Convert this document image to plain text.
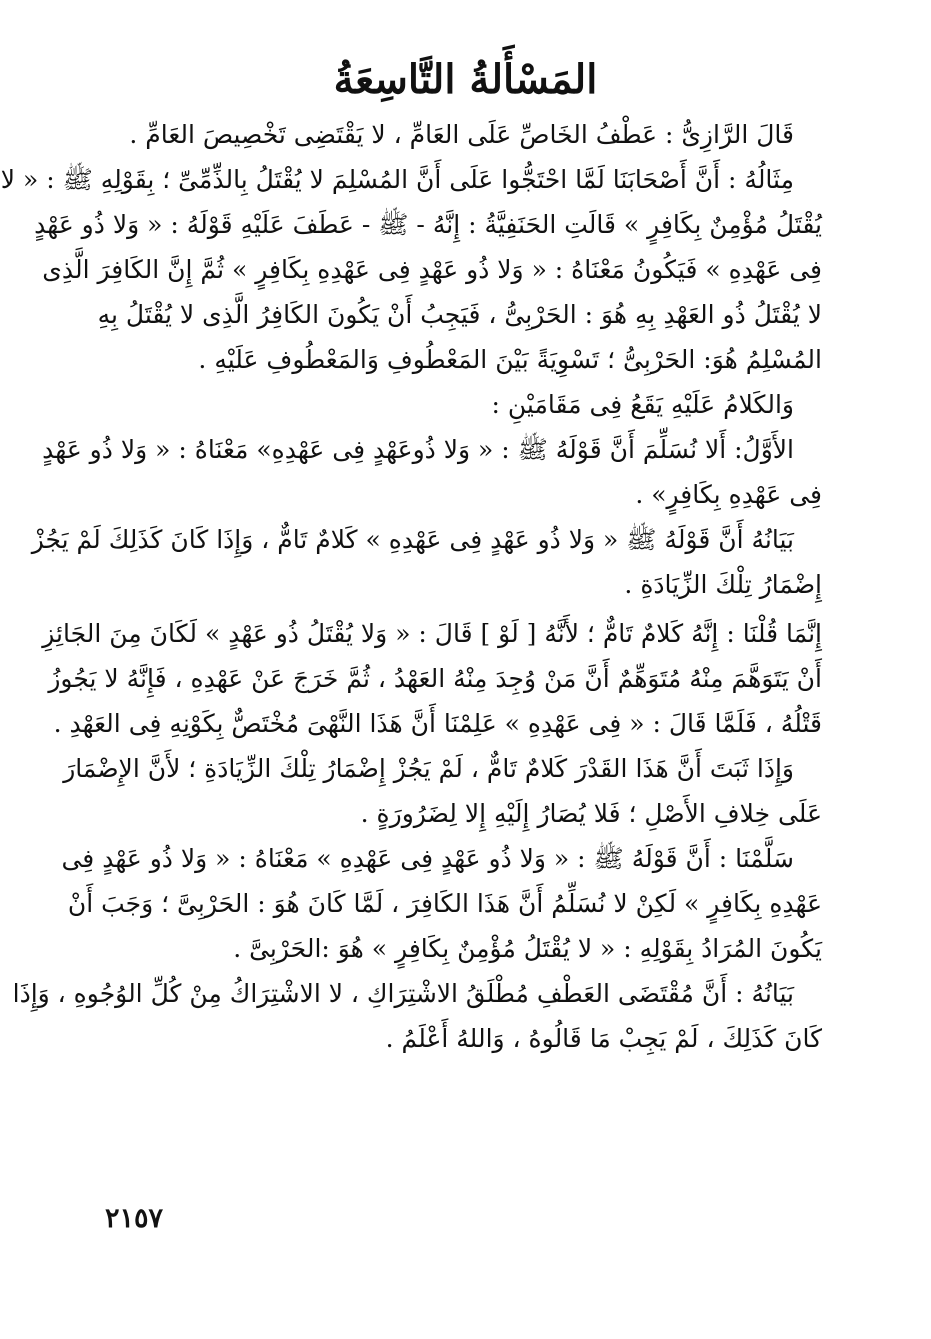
المَسْأَلةُ التَّاسِعَةُ
قَالَ الرَّازِىُّ : عَطْفُ الخَاصِّ عَلَى العَامِّ ، لا يَقْتَضِى تَخْصِيصَ العَامِّ .
مِثَالُهُ : أَنَّ أَصْحَابَنَا لَمَّا احْتَجُّوا عَلَى أَنَّ المُسْلِمَ لا يُقْتَلُ بِالذِّمِّىِّ ؛ بِقَوْلِهِ ﷺ : « لا
يُقْتَلُ مُؤْمِنٌ بِكَافِرٍ » قَالَتِ الحَنَفِيَّةُ : إِنَّهُ - ﷺ - عَطَفَ عَلَيْهِ قَوْلَهُ : « وَلا ذُو عَهْدٍ
فِى عَهْدِهِ » فَيَكُونُ مَعْنَاهُ : « وَلا ذُو عَهْدٍ فِى عَهْدِهِ بِكَافِرٍ » ثُمَّ إِنَّ الكَافِرَ الَّذِى
لا يُقْتَلُ ذُو العَهْدِ بِهِ هُوَ : الحَرْبِىُّ ، فَيَجِبُ أَنْ يَكُونَ الكَافِرُ الَّذِى لا يُقْتَلُ بِهِ
المُسْلِمُ هُوَ: الحَرْبِىُّ ؛ تَسْوِيَةً بَيْنَ المَعْطُوفِ وَالمَعْطُوفِ عَلَيْهِ .
وَالكَلامُ عَلَيْهِ يَقَعُ فِى مَقَامَيْنِ :
الأَوَّلُ: أَلا نُسَلِّمَ أَنَّ قَوْلَهُ ﷺ : « وَلا ذُوعَهْدٍ فِى عَهْدِهِ» مَعْنَاهُ : « وَلا ذُو عَهْدٍ
فِى عَهْدِهِ بِكَافِرٍ» .
بَيَانُهُ أَنَّ قَوْلَهُ ﷺ « وَلا ذُو عَهْدٍ فِى عَهْدِهِ » كَلامٌ تَامٌّ ، وَإِذَا كَانَ كَذَلِكَ لَمْ يَجُزْ
إِضْمَارُ تِلْكَ الزِّيَادَةِ .
إِنَّمَا قُلْنَا : إِنَّهُ كَلامٌ تَامٌّ ؛ لأَنَّهُ [ لَوْ ] قَالَ : « وَلا يُقْتَلُ ذُو عَهْدٍ » لَكَانَ مِنَ الجَائِزِ
أَنْ يَتَوَهَّمَ مِنْهُ مُتَوَهِّمٌ أَنَّ مَنْ وُجِدَ مِنْهُ العَهْدُ ، ثُمَّ خَرَجَ عَنْ عَهْدِهِ ، فَإِنَّهُ لا يَجُوزُ
قَتْلُهُ ، فَلَمَّا قَالَ : « فِى عَهْدِهِ » عَلِمْنَا أَنَّ هَذَا النَّهْىَ مُخْتَصٌّ بِكَوْنِهِ فِى العَهْدِ .
وَإِذَا ثَبَتَ أَنَّ هَذَا القَدْرَ كَلامٌ تَامٌّ ، لَمْ يَجُزْ إِضْمَارُ تِلْكَ الزِّيَادَةِ ؛ لأَنَّ الإِضْمَارَ
عَلَى خِلافِ الأَصْلِ ؛ فَلا يُصَارُ إِلَيْهِ إِلا لِضَرُورَةٍ .
سَلَّمْنَا : أَنَّ قَوْلَهُ ﷺ : « وَلا ذُو عَهْدٍ فِى عَهْدِهِ » مَعْنَاهُ : « وَلا ذُو عَهْدٍ فِى
عَهْدِهِ بِكَافِرٍ » لَكِنْ لا نُسَلِّمُ أَنَّ هَذَا الكَافِرَ ، لَمَّا كَانَ هُوَ : الحَرْبِىَّ ؛ وَجَبَ أَنْ
يَكُونَ المُرَادُ بِقَوْلِهِ : « لا يُقْتَلُ مُؤْمِنٌ بِكَافِرٍ » هُوَ :الحَرْبِىَّ .
بَيَانُهُ : أَنَّ مُقْتَضَى العَطْفِ مُطْلَقُ الاشْتِرَاكِ ، لا الاشْتِرَاكُ مِنْ كُلِّ الوُجُوهِ ، وَإِذَا
كَانَ كَذَلِكَ ، لَمْ يَجِبْ مَا قَالُوهُ ، وَاللهُ أَعْلَمُ .
٢١٥٧
